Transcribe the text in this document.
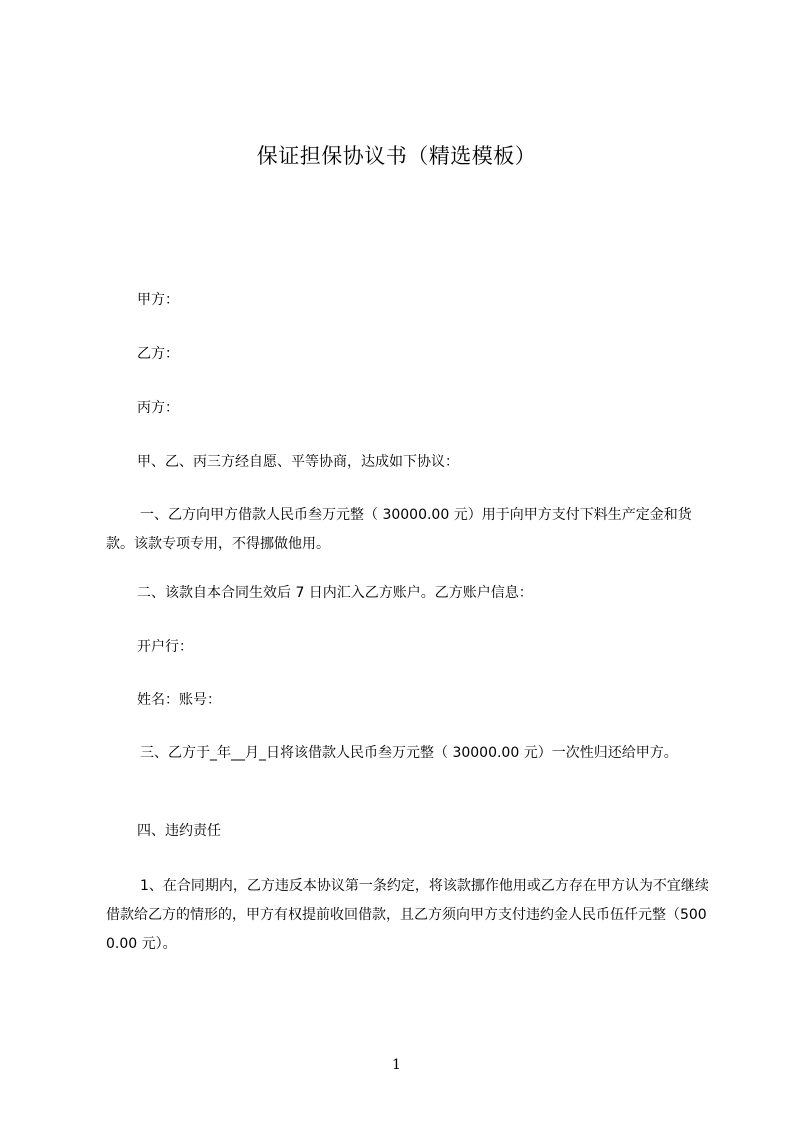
保证担保协议书（精选模板）
甲方：
乙方：
丙方：
甲、乙、丙三方经自愿、平等协商，达成如下协议：
一、乙方向甲方借款人民币叁万元整（ 30000.00 元）用于向甲方支付下料生产定金和货款。该款专项专用，不得挪做他用。
二、该款自本合同生效后 7 日内汇入乙方账户。乙方账户信息：
开户行：
姓名：账号：
三、乙方于_年__月_日将该借款人民币叁万元整（ 30000.00 元）一次性归还给甲方。
四、违约责任
1、在合同期内，乙方违反本协议第一条约定，将该款挪作他用或乙方存在甲方认为不宜继续借款给乙方的情形的，甲方有权提前收回借款，且乙方须向甲方支付违约金人民币伍仟元整（5000.00 元）。
1
